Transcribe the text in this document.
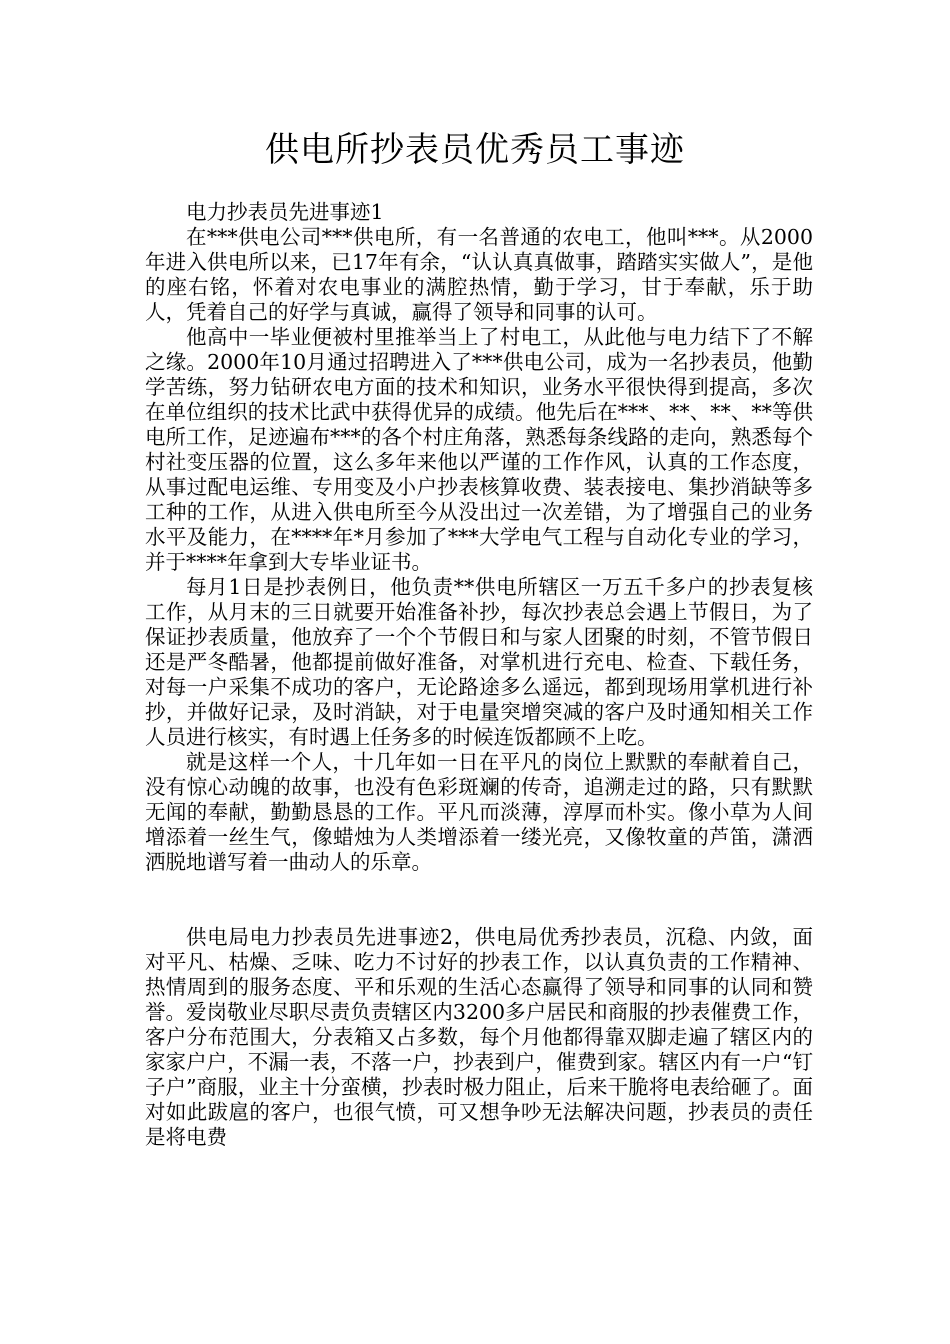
供电所抄表员优秀员工事迹

电力抄表员先进事迹1

在***供电公司***供电所，有一名普通的农电工，他叫***。从2000年进入供电所以来，已17年有余，“认认真真做事，踏踏实实做人”，是他的座右铭，怀着对农电事业的满腔热情，勤于学习，甘于奉献，乐于助人，凭着自己的好学与真诚，赢得了领导和同事的认可。

他高中一毕业便被村里推举当上了村电工，从此他与电力结下了不解之缘。2000年10月通过招聘进入了***供电公司，成为一名抄表员，他勤学苦练，努力钻研农电方面的技术和知识，业务水平很快得到提高，多次在单位组织的技术比武中获得优异的成绩。他先后在***、**、**、**等供电所工作，足迹遍布***的各个村庄角落，熟悉每条线路的走向，熟悉每个村社变压器的位置，这么多年来他以严谨的工作作风，认真的工作态度，从事过配电运维、专用变及小户抄表核算收费、装表接电、集抄消缺等多工种的工作，从进入供电所至今从没出过一次差错，为了增强自己的业务水平及能力，在****年*月参加了***大学电气工程与自动化专业的学习，并于****年拿到大专毕业证书。

每月1日是抄表例日，他负责**供电所辖区一万五千多户的抄表复核工作，从月末的三日就要开始准备补抄，每次抄表总会遇上节假日，为了保证抄表质量，他放弃了一个个节假日和与家人团聚的时刻，不管节假日还是严冬酷暑，他都提前做好准备，对掌机进行充电、检查、下载任务，对每一户采集不成功的客户，无论路途多么遥远，都到现场用掌机进行补抄，并做好记录，及时消缺，对于电量突增突减的客户及时通知相关工作人员进行核实，有时遇上任务多的时候连饭都顾不上吃。

就是这样一个人，十几年如一日在平凡的岗位上默默的奉献着自己，没有惊心动魄的故事，也没有色彩斑斓的传奇，追溯走过的路，只有默默无闻的奉献，勤勤恳恳的工作。平凡而淡薄，淳厚而朴实。像小草为人间增添着一丝生气，像蜡烛为人类增添着一缕光亮，又像牧童的芦笛，潇洒洒脱地谱写着一曲动人的乐章。

供电局电力抄表员先进事迹2，供电局优秀抄表员，沉稳、内敛，面对平凡、枯燥、乏味、吃力不讨好的抄表工作，以认真负责的工作精神、热情周到的服务态度、平和乐观的生活心态赢得了领导和同事的认同和赞誉。爱岗敬业尽职尽责负责辖区内3200多户居民和商服的抄表催费工作，客户分布范围大，分表箱又占多数，每个月他都得靠双脚走遍了辖区内的家家户户，不漏一表，不落一户，抄表到户，催费到家。辖区内有一户“钉子户”商服，业主十分蛮横，抄表时极力阻止，后来干脆将电表给砸了。面对如此跋扈的客户，也很气愤，可又想争吵无法解决问题，抄表员的责任是将电费
